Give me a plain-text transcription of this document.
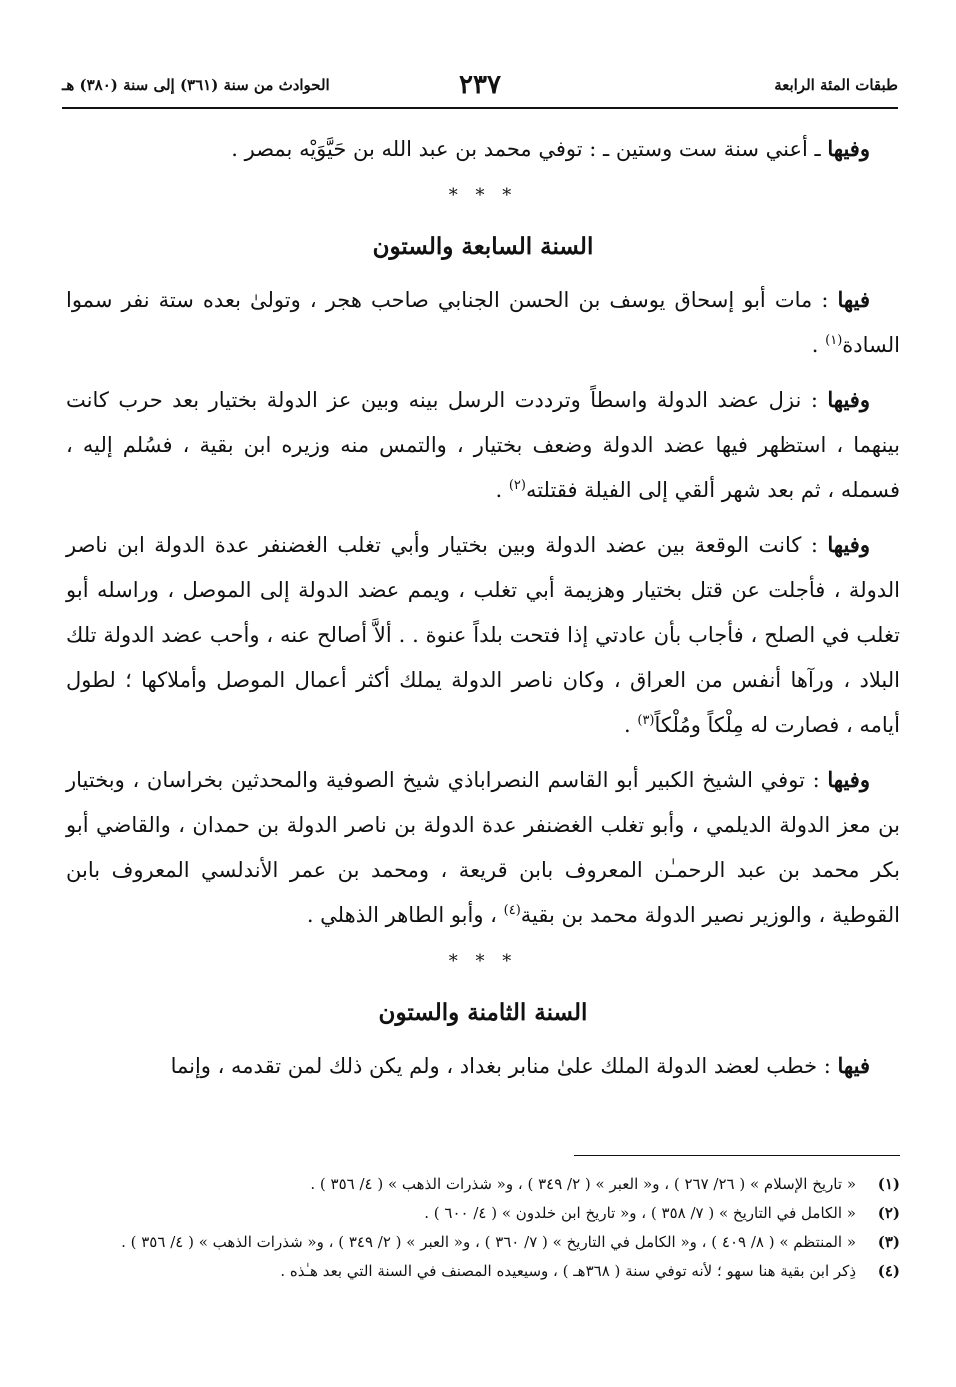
طبقات المئة الرابعة
٢٣٧
الحوادث من سنة (٣٦١) إلى سنة (٣٨٠) هـ

وفيها ـ أعني سنة ست وستين ـ : توفي محمد بن عبد الله بن حَيَّوَيْه بمصر .

* * *
السنة السابعة والستون

فيها : مات أبو إسحاق يوسف بن الحسن الجنابي صاحب هجر ، وتولىٰ بعده ستة نفر سموا السادة$^{(١)}$ .

وفيها : نزل عضد الدولة واسطاً وترددت الرسل بينه وبين عز الدولة بختيار بعد حرب كانت بينهما ، استظهر فيها عضد الدولة وضعف بختيار ، والتمس منه وزيره ابن بقية ، فسُلم إليه ، فسمله ، ثم بعد شهر ألقي إلى الفيلة فقتلته$^{(٢)}$ .

وفيها : كانت الوقعة بين عضد الدولة وبين بختيار وأبي تغلب الغضنفر عدة الدولة ابن ناصر الدولة ، فأجلت عن قتل بختيار وهزيمة أبي تغلب ، ويمم عضد الدولة إلى الموصل ، وراسله أبو تغلب في الصلح ، فأجاب بأن عادتي إذا فتحت بلداً عنوة . . ألاَّ أصالح عنه ، وأحب عضد الدولة تلك البلاد ، ورآها أنفس من العراق ، وكان ناصر الدولة يملك أكثر أعمال الموصل وأملاكها ؛ لطول أيامه ، فصارت له مِلْكاً ومُلْكاً$^{(٣)}$ .

وفيها : توفي الشيخ الكبير أبو القاسم النصراباذي شيخ الصوفية والمحدثين بخراسان ، وبختيار بن معز الدولة الديلمي ، وأبو تغلب الغضنفر عدة الدولة بن ناصر الدولة بن حمدان ، والقاضي أبو بكر محمد بن عبد الرحمـٰن المعروف بابن قريعة ، ومحمد بن عمر الأندلسي المعروف بابن القوطية ، والوزير نصير الدولة محمد بن بقية$^{(٤)}$ ، وأبو الطاهر الذهلي .

* * *
السنة الثامنة والستون

فيها : خطب لعضد الدولة الملك علىٰ منابر بغداد ، ولم يكن ذلك لمن تقدمه ، وإنما

(١)
« تاريخ الإسلام » ( ٢٦/ ٢٦٧ ) ، و« العبر » ( ٢/ ٣٤٩ ) ، و« شذرات الذهب » ( ٤/ ٣٥٦ ) .
(٢)
« الكامل في التاريخ » ( ٧/ ٣٥٨ ) ، و« تاريخ ابن خلدون » ( ٤/ ٦٠٠ ) .
(٣)
« المنتظم » ( ٨/ ٤٠٩ ) ، و« الكامل في التاريخ » ( ٧/ ٣٦٠ ) ، و« العبر » ( ٢/ ٣٤٩ ) ، و« شذرات الذهب » ( ٤/ ٣٥٦ ) .
(٤)
ذِكر ابن بقية هنا سهو ؛ لأنه توفي سنة ( ٣٦٨هـ ) ، وسيعيده المصنف في السنة التي بعد هـٰذه .
